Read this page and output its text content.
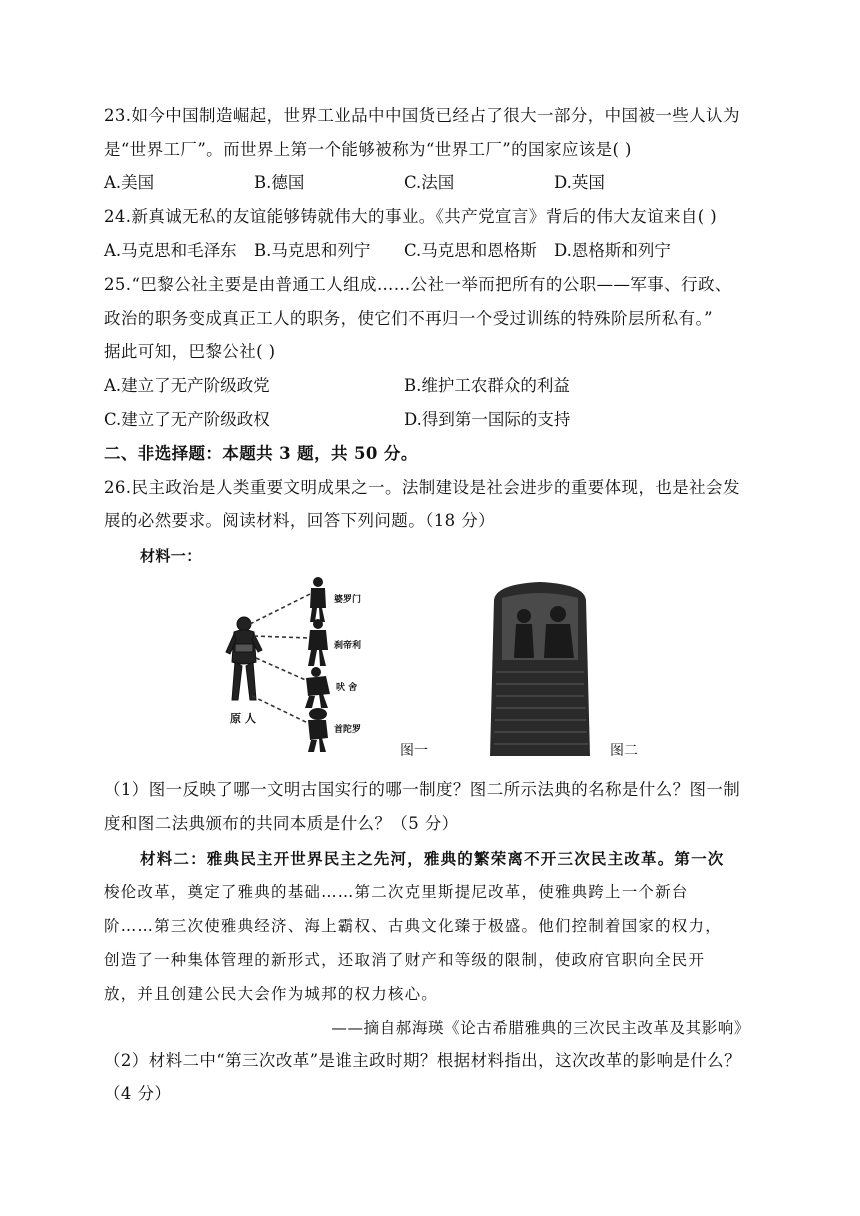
23.如今中国制造崛起，世界工业品中中国货已经占了很大一部分，中国被一些人认为
是“世界工厂”。而世界上第一个能够被称为“世界工厂”的国家应该是( )
A.美国	B.德国	C.法国	D.英国
24.新真诚无私的友谊能够铸就伟大的事业。《共产党宣言》背后的伟大友谊来自( )
A.马克思和毛泽东 B.马克思和列宁 C.马克思和恩格斯 D.恩格斯和列宁
25.“巴黎公社主要是由普通工人组成……公社一举而把所有的公职——军事、行政、
政治的职务变成真正工人的职务，使它们不再归一个受过训练的特殊阶层所私有。”
据此可知，巴黎公社( )
A.建立了无产阶级政党	B.维护工农群众的利益
C.建立了无产阶级政权	D.得到第一国际的支持
二、非选择题：本题共 3 题，共 50 分。
26.民主政治是人类重要文明成果之一。法制建设是社会进步的重要体现，也是社会发
展的必然要求。阅读材料，回答下列问题。（18 分）
材料一：
婆罗门
刹帝利
吠 舍
首陀罗
原 人
图一	图二
（1）图一反映了哪一文明古国实行的哪一制度？图二所示法典的名称是什么？图一制
度和图二法典颁布的共同本质是什么？（5 分）
材料二：雅典民主开世界民主之先河，雅典的繁荣离不开三次民主改革。第一次
梭伦改革，奠定了雅典的基础……第二次克里斯提尼改革，使雅典跨上一个新台
阶……第三次使雅典经济、海上霸权、古典文化臻于极盛。他们控制着国家的权力，
创造了一种集体管理的新形式，还取消了财产和等级的限制，使政府官职向全民开
放，并且创建公民大会作为城邦的权力核心。
——摘自郝海瑛《论古希腊雅典的三次民主改革及其影响》
（2）材料二中“第三次改革”是谁主政时期？根据材料指出，这次改革的影响是什么？
（4 分）
